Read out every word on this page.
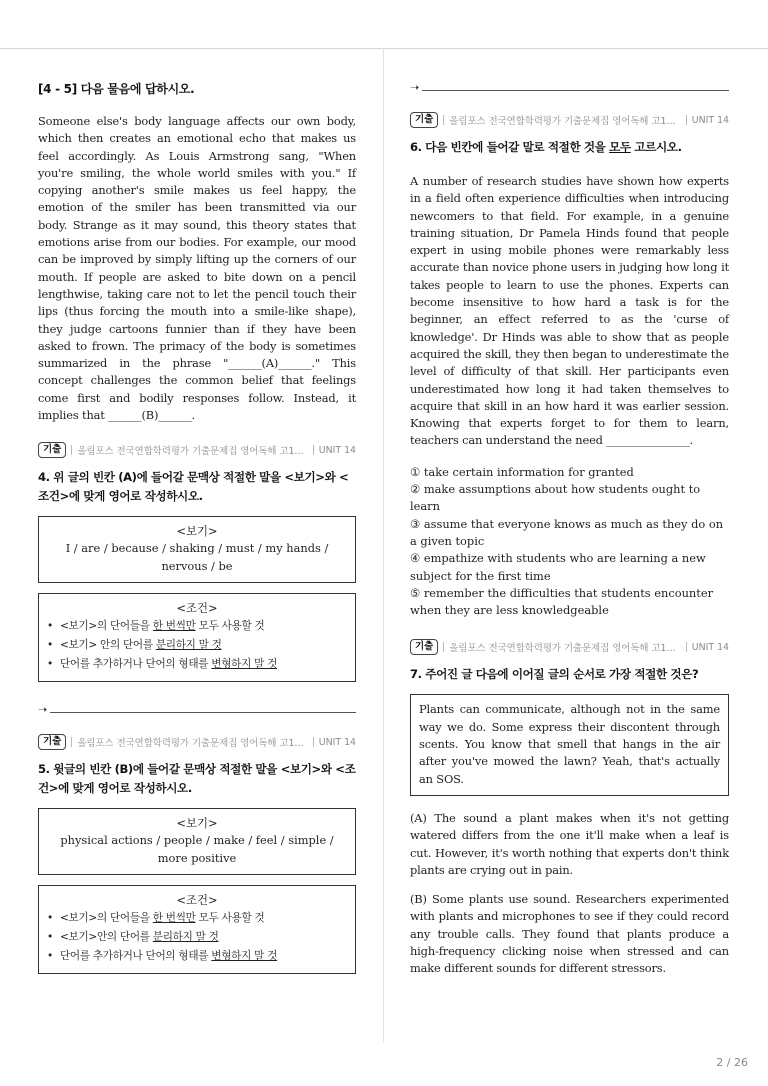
[4 - 5] 다음 물음에 답하시오.

Someone else's body language affects our own body, which then creates an emotional echo that makes us feel accordingly. As Louis Armstrong sang, "When you're smiling, the whole world smiles with you." If copying another's smile makes us feel happy, the emotion of the smiler has been transmitted via our body. Strange as it may sound, this theory states that emotions arise from our bodies. For example, our mood can be improved by simply lifting up the corners of our mouth. If people are asked to bite down on a pencil lengthwise, taking care not to let the pencil touch their lips (thus forcing the mouth into a smile-like shape), they judge cartoons funnier than if they have been asked to frown. The primacy of the body is sometimes summarized in the phrase "______(A)______." This concept challenges the common belief that feelings come first and bodily responses follow. Instead, it implies that ______(B)______.

기출	올림포스 전국연합학력평가 기출문제집 영어독해 고1... UNIT 14

4. 위 글의 빈칸 (A)에 들어갈 문맥상 적절한 말을 <보기>와 <조건>에 맞게 영어로 작성하시오.

<보기>
I / are / because / shaking / must / my hands / nervous / be
<조건>
• <보기>의 단어들을 한 번씩만 모두 사용할 것
• <보기> 안의 단어를 분리하지 말 것
• 단어를 추가하거나 단어의 형태를 변형하지 말 것
➝
기출	올림포스 전국연합학력평가 기출문제집 영어독해 고1... UNIT 14

5. 윗글의 빈칸 (B)에 들어갈 문맥상 적절한 말을 <보기>와 <조건>에 맞게 영어로 작성하시오.

<보기>
physical actions / people / make / feel / simple / more positive
<조건>
• <보기>의 단어들을 한 번씩만 모두 사용할 것
• <보기>안의 단어를 분리하지 말 것
• 단어를 추가하거나 단어의 형태를 변형하지 말 것
➝
기출	올림포스 전국연합학력평가 기출문제집 영어독해 고1... UNIT 14

6. 다음 빈칸에 들어갈 말로 적절한 것을 모두 고르시오.

A number of research studies have shown how experts in a field often experience difficulties when introducing newcomers to that field. For example, in a genuine training situation, Dr Pamela Hinds found that people expert in using mobile phones were remarkably less accurate than novice phone users in judging how long it takes people to learn to use the phones. Experts can become insensitive to how hard a task is for the beginner, an effect referred to as the 'curse of knowledge'. Dr Hinds was able to show that as people acquired the skill, they then began to underestimate the level of difficulty of that skill. Her participants even underestimated how long it had taken themselves to acquire that skill in an how hard it was earlier session. Knowing that experts forget to for them to learn, teachers can understand the need _______________.

① take certain information for granted

② make assumptions about how students ought to learn

③ assume that everyone knows as much as they do on a given topic

④ empathize with students who are learning a new subject for the first time

⑤ remember the difficulties that students encounter when they are less knowledgeable

기출	올림포스 전국연합학력평가 기출문제집 영어독해 고1... UNIT 14

7. 주어진 글 다음에 이어질 글의 순서로 가장 적절한 것은?

Plants can communicate, although not in the same way we do. Some express their discontent through scents. You know that smell that hangs in the air after you've mowed the lawn? Yeah, that's actually an SOS.

(A) The sound a plant makes when it's not getting watered differs from the one it'll make when a leaf is cut. However, it's worth nothing that experts don't think plants are crying out in pain.

(B) Some plants use sound. Researchers experimented with plants and microphones to see if they could record any trouble calls. They found that plants produce a high-frequency clicking noise when stressed and can make different sounds for different stressors.

2 / 26
